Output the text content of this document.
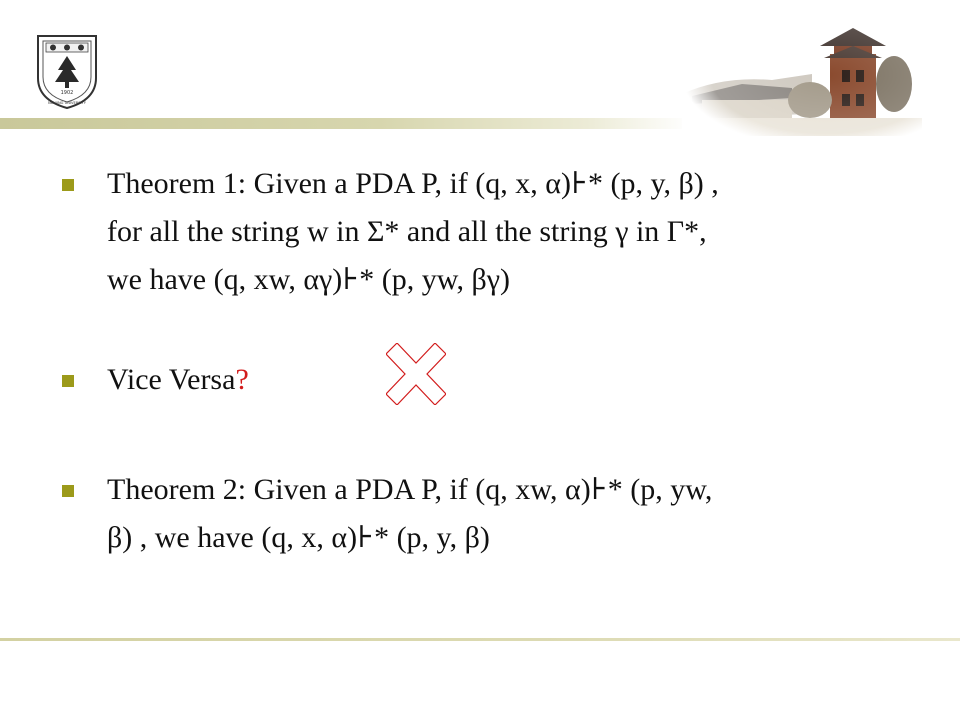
1902
NANJING UNIVERSITY
Theorem 1: Given a PDA P, if (q, x, α)⊦* (p, y, β) ,
for all the string w in Σ* and all the string γ in Γ*,
we have (q, xw, αγ)⊦* (p, yw, βγ)
Vice Versa?
Theorem 2: Given a PDA P, if (q, xw, α)⊦* (p, yw,
β) , we have (q, x, α)⊦* (p, y, β)
